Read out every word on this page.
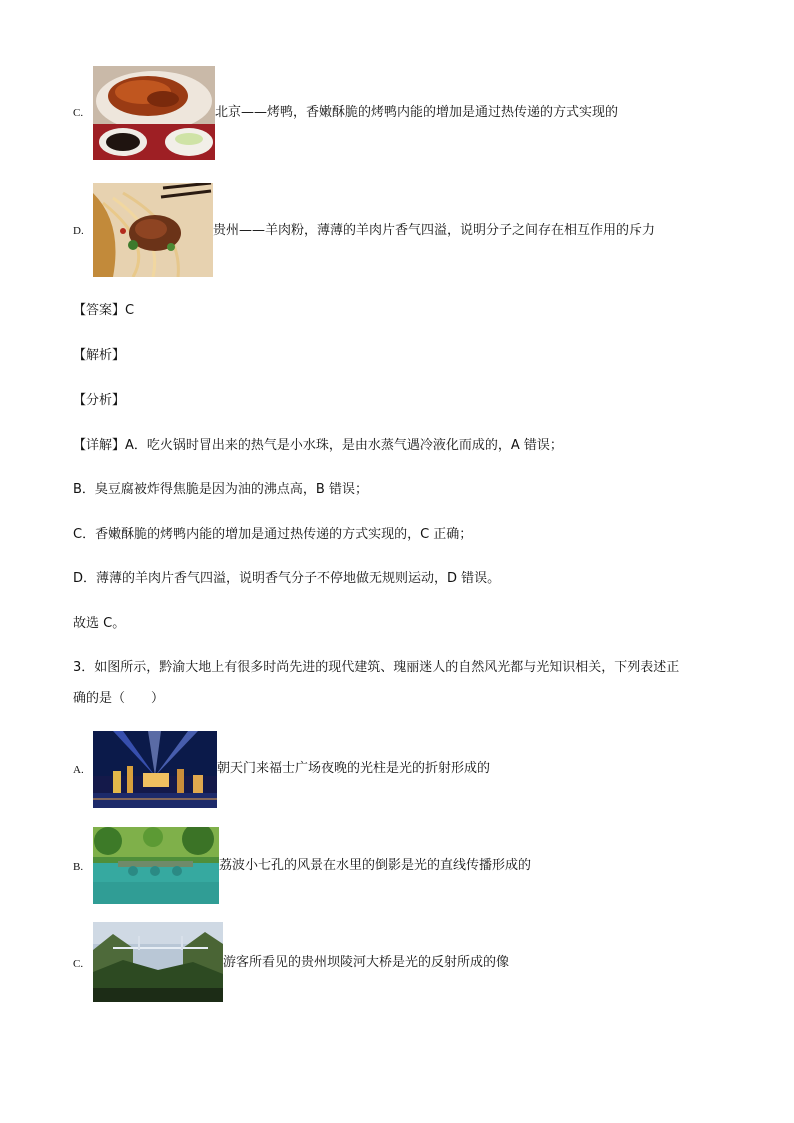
C.	北京——烤鸭，香嫩酥脆的烤鸭内能的增加是通过热传递的方式实现的
D.	贵州——羊肉粉，薄薄的羊肉片香气四溢，说明分子之间存在相互作用的斥力
【答案】C
【解析】
【分析】
【详解】A．吃火锅时冒出来的热气是小水珠，是由水蒸气遇冷液化而成的，A 错误；
B．臭豆腐被炸得焦脆是因为油的沸点高，B 错误；
C．香嫩酥脆的烤鸭内能的增加是通过热传递的方式实现的，C 正确；
D．薄薄的羊肉片香气四溢，说明香气分子不停地做无规则运动，D 错误。
故选 C。
3．如图所示，黔渝大地上有很多时尚先进的现代建筑、瑰丽迷人的自然风光都与光知识相关，下列表述正
确的是（　　）
A.	朝天门来福士广场夜晚的光柱是光的折射形成的
B.	荔波小七孔的风景在水里的倒影是光的直线传播形成的
C.	游客所看见的贵州坝陵河大桥是光的反射所成的像
